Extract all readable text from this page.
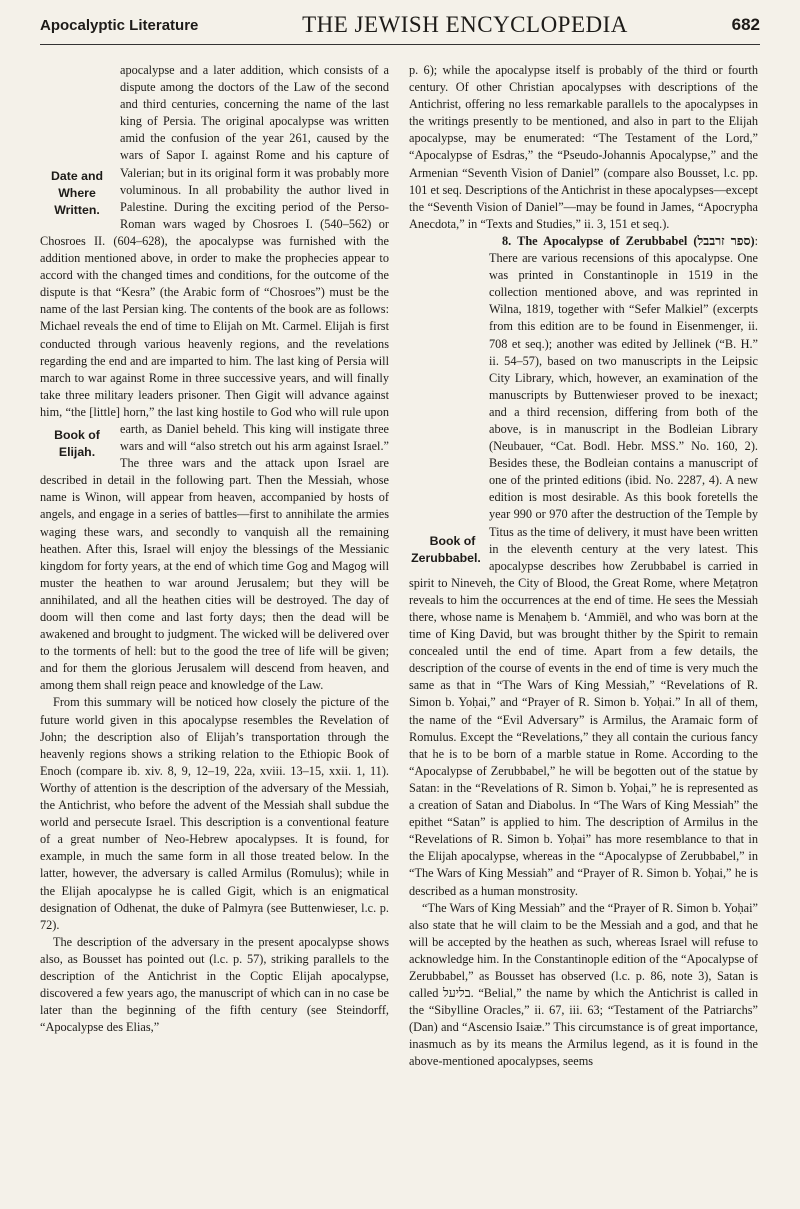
Apocalyptic Literature	THE JEWISH ENCYCLOPEDIA	682

Date and Where Written.
apocalypse and a later addition, which consists of a dispute among the doctors of the Law of the second and third centuries, concerning the name of the last king of Persia. The original apocalypse was written amid the confusion of the year 261, caused by the wars of Sapor I. against Rome and his capture of Valerian; but in its original form it was probably more voluminous. In all probability the author lived in Palestine. During the exciting period of the Perso-Roman wars waged by Chosroes I. (540–562) or Chosroes II. (604–628), the apocalypse was furnished with the addition mentioned above, in order to make the prophecies appear to accord with the changed times and conditions, for the outcome of the dispute is that “Kesra” (the Arabic form of “Chosroes”) must be the name of the last Persian king. The contents of the book are as follows: Michael reveals the end of time to Elijah on Mt. Carmel. Elijah is first conducted through various heavenly regions, and the revelations regarding the end and are imparted to him. The last king of Persia will march to war against Rome in three successive years, and will finally take three military leaders prisoner. Then Gigit will advance against him, “the [little] horn,” the last king hostile to God who will rule upon earth, as Daniel beheld.
Book of Elijah.
This king will instigate three wars and will “also stretch out his arm against Israel.” The three wars and the attack upon Israel are described in detail in the following part. Then the Messiah, whose name is Winon, will appear from heaven, accompanied by hosts of angels, and engage in a series of battles—first to annihilate the armies waging these wars, and secondly to vanquish all the remaining heathen. After this, Israel will enjoy the blessings of the Messianic kingdom for forty years, at the end of which time Gog and Magog will muster the heathen to war around Jerusalem; but they will be annihilated, and all the heathen cities will be destroyed. The day of doom will then come and last forty days; then the dead will be awakened and brought to judgment. The wicked will be delivered over to the torments of hell: but to the good the tree of life will be given; and for them the glorious Jerusalem will descend from heaven, and among them shall reign peace and knowledge of the Law.

From this summary will be noticed how closely the picture of the future world given in this apocalypse resembles the Revelation of John; the description also of Elijah’s transportation through the heavenly regions shows a striking relation to the Ethiopic Book of Enoch (compare ib. xiv. 8, 9, 12–19, 22a, xviii. 13–15, xxii. 1, 11). Worthy of attention is the description of the adversary of the Messiah, the Antichrist, who before the advent of the Messiah shall subdue the world and persecute Israel. This description is a conventional feature of a great number of Neo-Hebrew apocalypses. It is found, for example, in much the same form in all those treated below. In the latter, however, the adversary is called Armilus (Romulus); while in the Elijah apocalypse he is called Gigit, which is an enigmatical designation of Odhenat, the duke of Palmyra (see Buttenwieser, l.c. p. 72).

The description of the adversary in the present apocalypse shows also, as Bousset has pointed out (l.c. p. 57), striking parallels to the description of the Antichrist in the Coptic Elijah apocalypse, discovered a few years ago, the manuscript of which can in no case be later than the beginning of the fifth century (see Steindorff, “Apocalypse des Elias,”

p. 6); while the apocalypse itself is probably of the third or fourth century. Of other Christian apocalypses with descriptions of the Antichrist, offering no less remarkable parallels to the apocalypses in the writings presently to be mentioned, and also in part to the Elijah apocalypse, may be enumerated: “The Testament of the Lord,” “Apocalypse of Esdras,” the “Pseudo-Johannis Apocalypse,” and the Armenian “Seventh Vision of Daniel” (compare also Bousset, l.c. pp. 101 et seq. Descriptions of the Antichrist in these apocalypses—except the “Seventh Vision of Daniel”—may be found in James, “Apocrypha Anecdota,” in “Texts and Studies,” ii. 3, 151 et seq.).

8. The Apocalypse of Zerubbabel (ספר זרבבל)
Book of Zerubbabel.
: There are various recensions of this apocalypse. One was printed in Constantinople in 1519 in the collection mentioned above, and was reprinted in Wilna, 1819, together with “Sefer Malkiel” (excerpts from this edition are to be found in Eisenmenger, ii. 708 et seq.); another was edited by Jellinek (“B. H.” ii. 54–57), based on two manuscripts in the Leipsic City Library, which, however, an examination of the manuscripts by Buttenwieser proved to be inexact; and a third recension, differing from both of the above, is in manuscript in the Bodleian Library (Neubauer, “Cat. Bodl. Hebr. MSS.” No. 160, 2). Besides these, the Bodleian contains a manuscript of one of the printed editions (ibid. No. 2287, 4). A new edition is most desirable. As this book foretells the year 990 or 970 after the destruction of the Temple by Titus as the time of delivery, it must have been written in the eleventh century at the very latest. This apocalypse describes how Zerubbabel is carried in spirit to Nineveh, the City of Blood, the Great Rome, where Meṭaṭron reveals to him the occurrences at the end of time. He sees the Messiah there, whose name is Menaḥem b. ‘Ammiël, and who was born at the time of King David, but was brought thither by the Spirit to remain concealed until the end of time. Apart from a few details, the description of the course of events in the end of time is very much the same as that in “The Wars of King Messiah,” “Revelations of R. Simon b. Yoḥai,” and “Prayer of R. Simon b. Yoḥai.” In all of them, the name of the “Evil Adversary” is Armilus, the Aramaic form of Romulus. Except the “Revelations,” they all contain the curious fancy that he is to be born of a marble statue in Rome. According to the “Apocalypse of Zerubbabel,” he will be begotten out of the statue by Satan: in the “Revelations of R. Simon b. Yoḥai,” he is represented as a creation of Satan and Diabolus. In “The Wars of King Messiah” the epithet “Satan” is applied to him. The description of Armilus in the “Revelations of R. Simon b. Yoḥai” has more resemblance to that in the Elijah apocalypse, whereas in the “Apocalypse of Zerubbabel,” in “The Wars of King Messiah” and “Prayer of R. Simon b. Yoḥai,” he is described as a human monstrosity.

“The Wars of King Messiah” and the “Prayer of R. Simon b. Yoḥai” also state that he will claim to be the Messiah and a god, and that he will be accepted by the heathen as such, whereas Israel will refuse to acknowledge him. In the Constantinople edition of the “Apocalypse of Zerubbabel,” as Bousset has observed (l.c. p. 86, note 3), Satan is called בליעל. “Belial,” the name by which the Antichrist is called in the “Sibylline Oracles,” ii. 67, iii. 63; “Testament of the Patriarchs” (Dan) and “Ascensio Isaiæ.” This circumstance is of great importance, inasmuch as by its means the Armilus legend, as it is found in the above-mentioned apocalypses, seems
